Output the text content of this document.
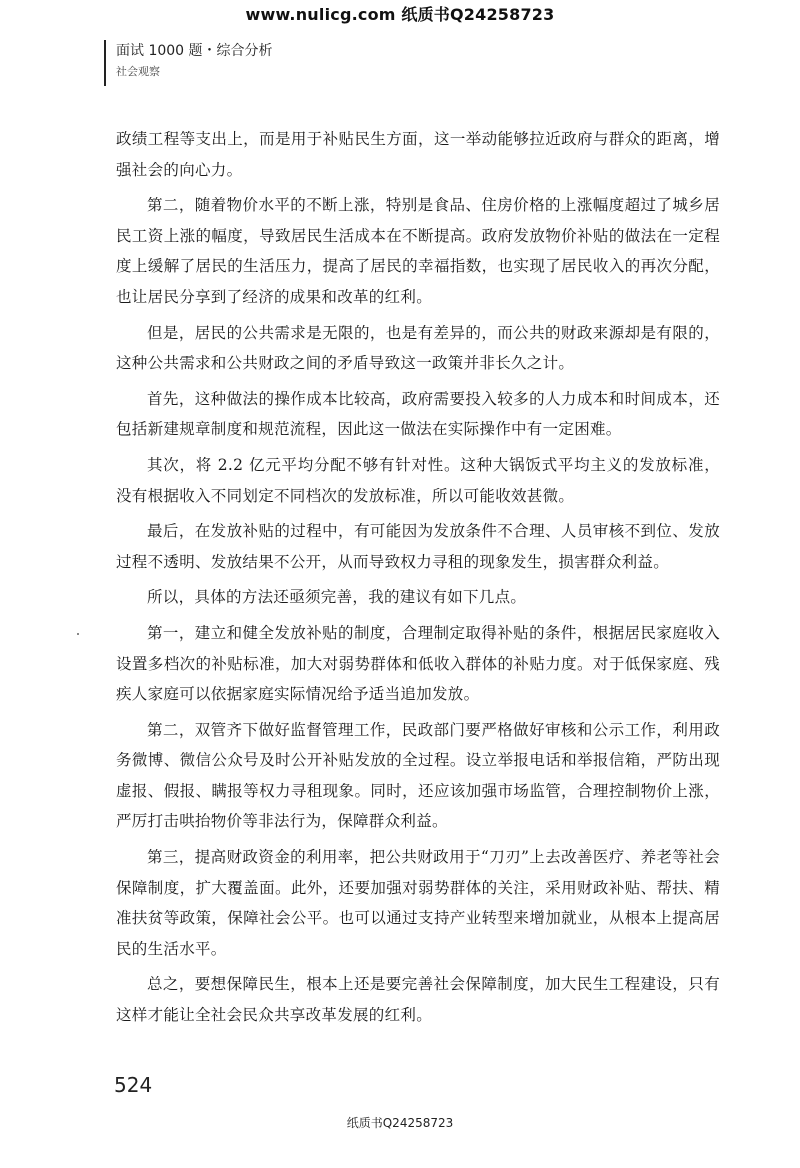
www.nulicg.com 纸质书Q24258723
面试 1000 题・综合分析
社会观察

政绩工程等支出上，而是用于补贴民生方面，这一举动能够拉近政府与群众的距离，增强社会的向心力。

第二，随着物价水平的不断上涨，特别是食品、住房价格的上涨幅度超过了城乡居民工资上涨的幅度，导致居民生活成本在不断提高。政府发放物价补贴的做法在一定程度上缓解了居民的生活压力，提高了居民的幸福指数，也实现了居民收入的再次分配，也让居民分享到了经济的成果和改革的红利。

但是，居民的公共需求是无限的，也是有差异的，而公共的财政来源却是有限的，这种公共需求和公共财政之间的矛盾导致这一政策并非长久之计。

首先，这种做法的操作成本比较高，政府需要投入较多的人力成本和时间成本，还包括新建规章制度和规范流程，因此这一做法在实际操作中有一定困难。

其次，将 2.2 亿元平均分配不够有针对性。这种大锅饭式平均主义的发放标准，没有根据收入不同划定不同档次的发放标准，所以可能收效甚微。

最后，在发放补贴的过程中，有可能因为发放条件不合理、人员审核不到位、发放过程不透明、发放结果不公开，从而导致权力寻租的现象发生，损害群众利益。

所以，具体的方法还亟须完善，我的建议有如下几点。

第一，建立和健全发放补贴的制度，合理制定取得补贴的条件，根据居民家庭收入设置多档次的补贴标准，加大对弱势群体和低收入群体的补贴力度。对于低保家庭、残疾人家庭可以依据家庭实际情况给予适当追加发放。

第二，双管齐下做好监督管理工作，民政部门要严格做好审核和公示工作，利用政务微博、微信公众号及时公开补贴发放的全过程。设立举报电话和举报信箱，严防出现虚报、假报、瞒报等权力寻租现象。同时，还应该加强市场监管，合理控制物价上涨，严厉打击哄抬物价等非法行为，保障群众利益。

第三，提高财政资金的利用率，把公共财政用于“刀刃”上去改善医疗、养老等社会保障制度，扩大覆盖面。此外，还要加强对弱势群体的关注，采用财政补贴、帮扶、精准扶贫等政策，保障社会公平。也可以通过支持产业转型来增加就业，从根本上提高居民的生活水平。

总之，要想保障民生，根本上还是要完善社会保障制度，加大民生工程建设，只有这样才能让全社会民众共享改革发展的红利。

524
纸质书Q24258723
